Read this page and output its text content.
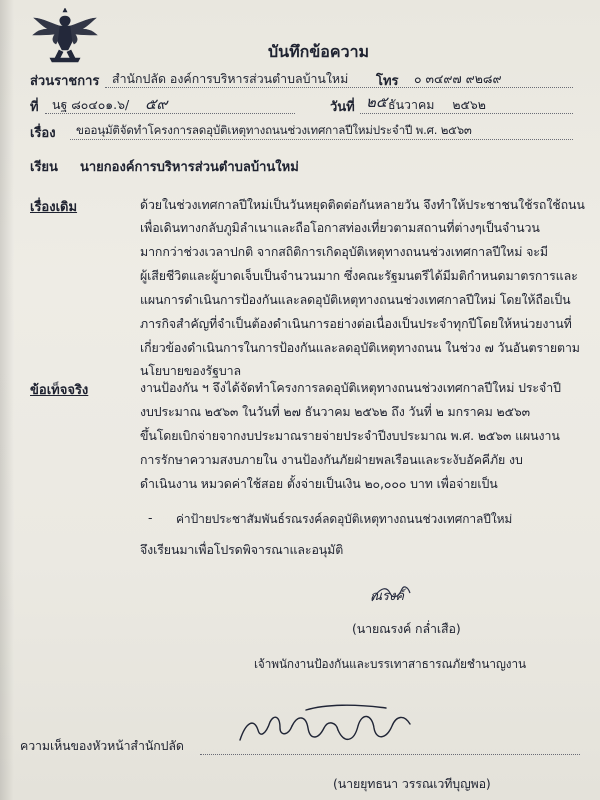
บันทึกข้อความ
ส่วนราชการ สำนักปลัด องค์การบริหารส่วนตำบลบ้านใหม่ โทร ๐ ๓๔๙๗ ๙๒๘๙
ที่ นฐ ๘๐๔๐๑.๖/ ๕๙	วันที่ ๒๕ ธันวาคม ๒๕๖๒
เรื่อง ขออนุมัติจัดทำโครงการลดอุบัติเหตุทางถนนช่วงเทศกาลปีใหม่ประจำปี พ.ศ. ๒๕๖๓
เรียน นายกองค์การบริหารส่วนตำบลบ้านใหม่
เรื่องเดิม	ด้วยในช่วงเทศกาลปีใหม่เป็นวันหยุดติดต่อกันหลายวัน จึงทำให้ประชาชนใช้รถใช้ถนน
เพื่อเดินทางกลับภูมิลำเนาและถือโอกาสท่องเที่ยวตามสถานที่ต่างๆเป็นจำนวน
มากกว่าช่วงเวลาปกติ จากสถิติการเกิดอุบัติเหตุทางถนนช่วงเทศกาลปีใหม่ จะมี
ผู้เสียชีวิตและผู้บาดเจ็บเป็นจำนวนมาก ซึ่งคณะรัฐมนตรีได้มีมติกำหนดมาตรการและ
แผนการดำเนินการป้องกันและลดอุบัติเหตุทางถนนช่วงเทศกาลปีใหม่ โดยให้ถือเป็น
ภารกิจสำคัญที่จำเป็นต้องดำเนินการอย่างต่อเนื่องเป็นประจำทุกปีโดยให้หน่วยงานที่
เกี่ยวข้องดำเนินการในการป้องกันและลดอุบัติเหตุทางถนน ในช่วง ๗ วันอันตรายตาม
นโยบายของรัฐบาล
ข้อเท็จจริง	งานป้องกัน ฯ จึงได้จัดทำโครงการลดอุบัติเหตุทางถนนช่วงเทศกาลปีใหม่ ประจำปี
งบประมาณ ๒๕๖๓ ในวันที่ ๒๗ ธันวาคม ๒๕๖๒ ถึง วันที่ ๒ มกราคม ๒๕๖๓
ขึ้นโดยเบิกจ่ายจากงบประมาณรายจ่ายประจำปีงบประมาณ พ.ศ. ๒๕๖๓ แผนงาน
การรักษาความสงบภายใน งานป้องกันภัยฝ่ายพลเรือนและระงับอัคคีภัย งบ
ดำเนินงาน หมวดค่าใช้สอย ตั้งจ่ายเป็นเงิน ๒๐,๐๐๐ บาท เพื่อจ่ายเป็น
- ค่าป้ายประชาสัมพันธ์รณรงค์ลดอุบัติเหตุทางถนนช่วงเทศกาลปีใหม่
จึงเรียนมาเพื่อโปรดพิจารณาและอนุมัติ
ณรงค์
(นายณรงค์ กล่ำเสือ)
เจ้าพนักงานป้องกันและบรรเทาสาธารณภัยชำนาญงาน
ความเห็นของหัวหน้าสำนักปลัด
(นายยุทธนา วรรณเวทีบุญพอ)
